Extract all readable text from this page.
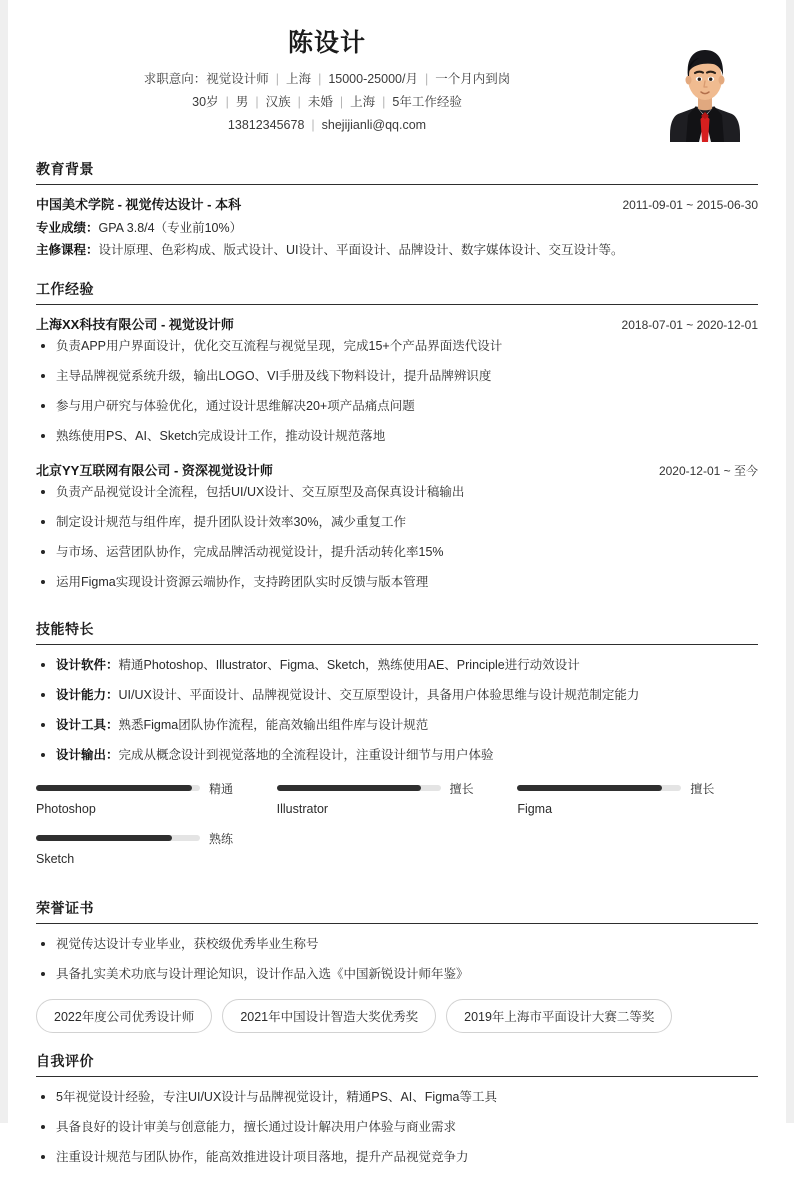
陈设计
求职意向：视觉设计师 | 上海 | 15000-25000/月 | 一个月内到岗
30岁 | 男 | 汉族 | 未婚 | 上海 | 5年工作经验
13812345678 | shejijianli@qq.com
教育背景
中国美术学院 - 视觉传达设计 - 本科	2011-09-01 ~ 2015-06-30
专业成绩：GPA 3.8/4（专业前10%）
主修课程：设计原理、色彩构成、版式设计、UI设计、平面设计、品牌设计、数字媒体设计、交互设计等。
工作经验
上海XX科技有限公司 - 视觉设计师	2018-07-01 ~ 2020-12-01
负责APP用户界面设计，优化交互流程与视觉呈现，完成15+个产品界面迭代设计
主导品牌视觉系统升级，输出LOGO、VI手册及线下物料设计，提升品牌辨识度
参与用户研究与体验优化，通过设计思维解决20+项产品痛点问题
熟练使用PS、AI、Sketch完成设计工作，推动设计规范落地
北京YY互联网有限公司 - 资深视觉设计师	2020-12-01 ~ 至今
负责产品视觉设计全流程，包括UI/UX设计、交互原型及高保真设计稿输出
制定设计规范与组件库，提升团队设计效率30%，减少重复工作
与市场、运营团队协作，完成品牌活动视觉设计，提升活动转化率15%
运用Figma实现设计资源云端协作，支持跨团队实时反馈与版本管理
技能特长
设计软件：精通Photoshop、Illustrator、Figma、Sketch，熟练使用AE、Principle进行动效设计
设计能力：UI/UX设计、平面设计、品牌视觉设计、交互原型设计，具备用户体验思维与设计规范制定能力
设计工具：熟悉Figma团队协作流程，能高效输出组件库与设计规范
设计输出：完成从概念设计到视觉落地的全流程设计，注重设计细节与用户体验
精通
Photoshop
擅长
Illustrator
擅长
Figma
熟练
Sketch
荣誉证书
视觉传达设计专业毕业，获校级优秀毕业生称号
具备扎实美术功底与设计理论知识，设计作品入选《中国新锐设计师年鉴》
2022年度公司优秀设计师	2021年中国设计智造大奖优秀奖	2019年上海市平面设计大赛二等奖
自我评价
5年视觉设计经验，专注UI/UX设计与品牌视觉设计，精通PS、AI、Figma等工具
具备良好的设计审美与创意能力，擅长通过设计解决用户体验与商业需求
注重设计规范与团队协作，能高效推进设计项目落地，提升产品视觉竞争力
